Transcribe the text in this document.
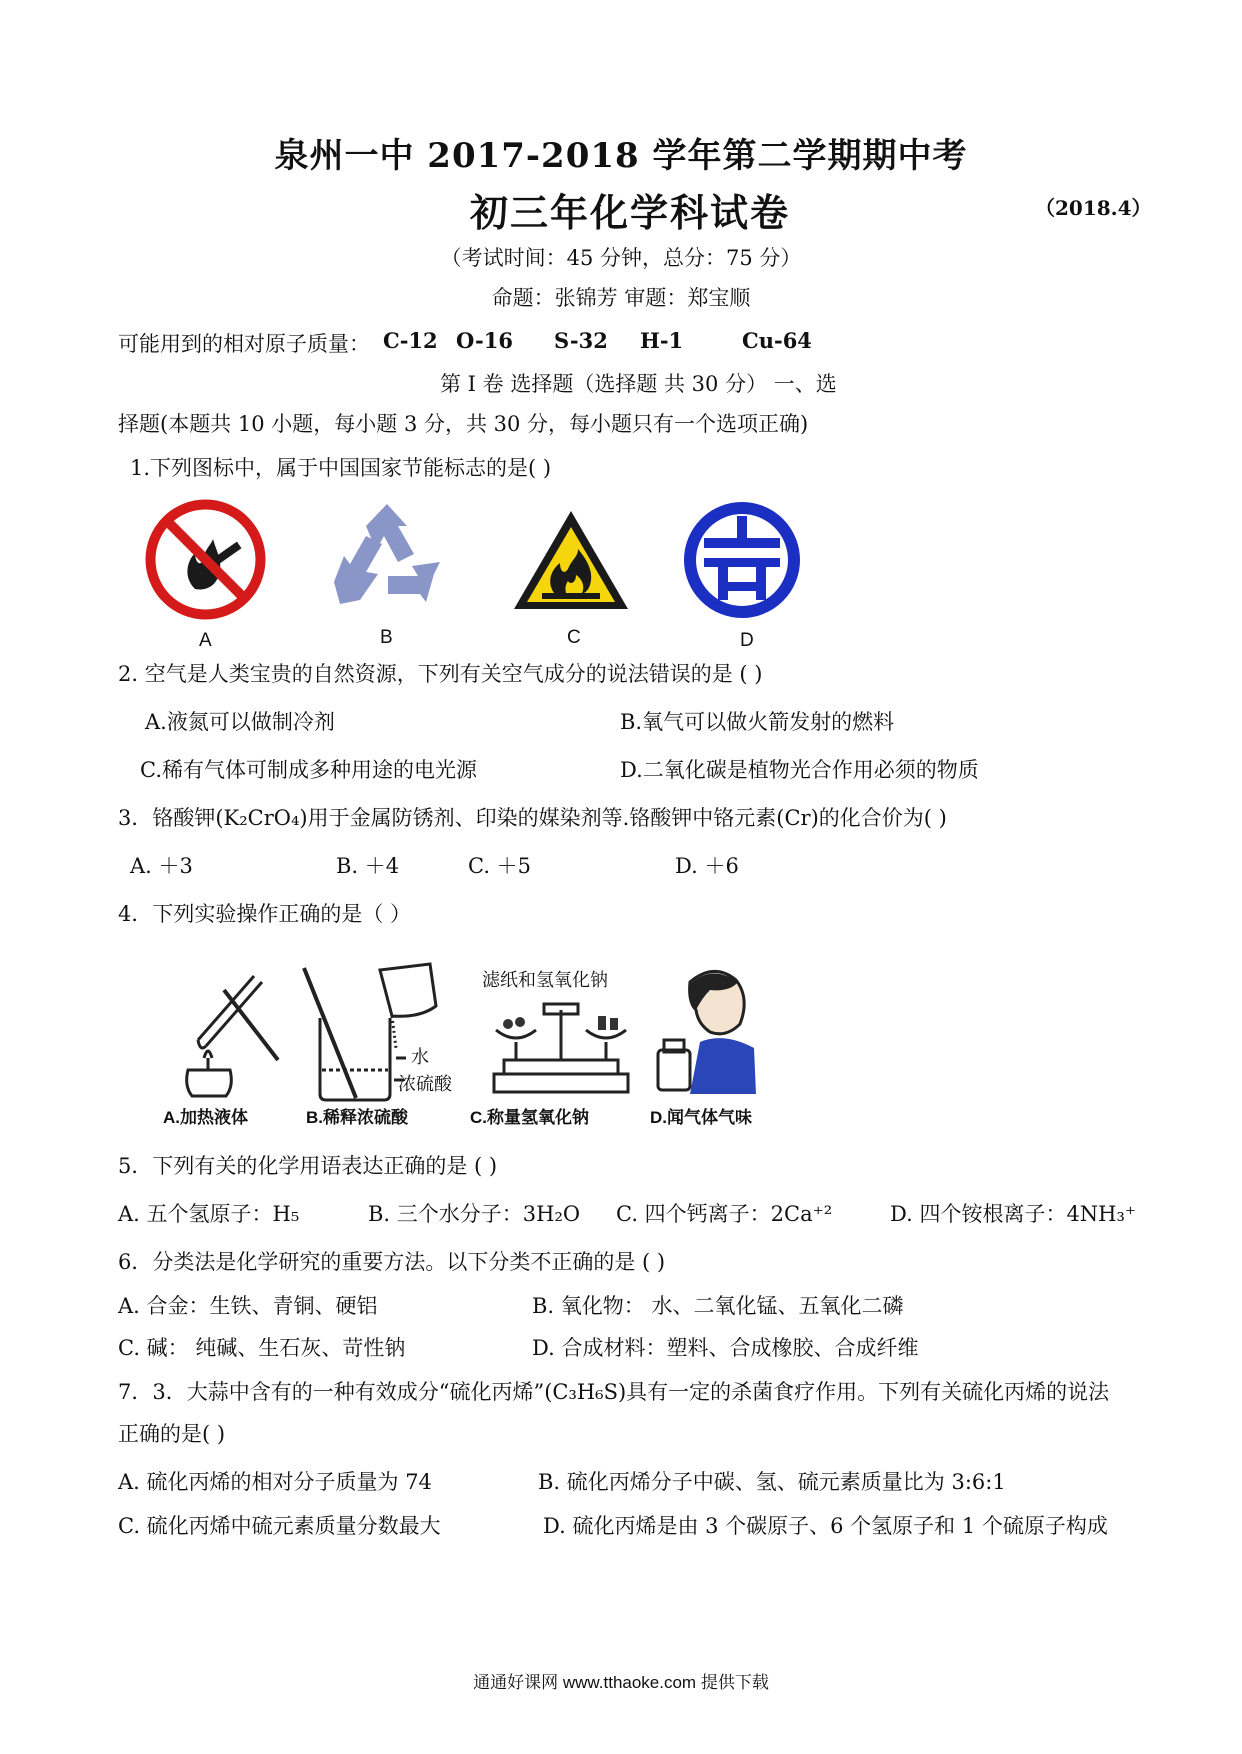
泉州一中 2017-2018 学年第二学期期中考
初三年化学科试卷	（2018.4）
（考试时间：45 分钟，总分：75 分）
命题：张锦芳 审题：郑宝顺
可能用到的相对原子质量： C-12 O-16 S-32 H-1	Cu-64
第 I 卷 选择题（选择题 共 30 分） 一、选
择题(本题共 10 小题，每小题 3 分，共 30 分，每小题只有一个选项正确)
1.下列图标中，属于中国国家节能标志的是( )
A	B	C	D
2. 空气是人类宝贵的自然资源，下列有关空气成分的说法错误的是 ( )
A.液氮可以做制冷剂	B.氧气可以做火箭发射的燃料
C.稀有气体可制成多种用途的电光源	D.二氧化碳是植物光合作用必须的物质
3．铬酸钾(K₂CrO₄)用于金属防锈剂、印染的媒染剂等.铬酸钾中铬元素(Cr)的化合价为( )
A. ＋3	B. ＋4	C. ＋5	D. ＋6
4．下列实验操作正确的是（ ）
水
浓硫酸
滤纸和氢氧化钠
A.加热液体	B.稀释浓硫酸	C.称量氢氧化钠	D.闻气体气味
5．下列有关的化学用语表达正确的是 ( )
A. 五个氢原子：H₅	B. 三个水分子：3H₂O C. 四个钙离子：2Ca⁺²	D. 四个铵根离子：4NH₃⁺
6．分类法是化学研究的重要方法。以下分类不正确的是 ( )
A. 合金：生铁、青铜、硬铝	B. 氧化物： 水、二氧化锰、五氧化二磷
C. 碱： 纯碱、生石灰、苛性钠	D. 合成材料：塑料、合成橡胶、合成纤维
7．3．大蒜中含有的一种有效成分“硫化丙烯”(C₃H₆S)具有一定的杀菌食疗作用。下列有关硫化丙烯的说法
正确的是( )
A. 硫化丙烯的相对分子质量为 74	B. 硫化丙烯分子中碳、氢、硫元素质量比为 3:6:1
C. 硫化丙烯中硫元素质量分数最大	D. 硫化丙烯是由 3 个碳原子、6 个氢原子和 1 个硫原子构成
通通好课网 www.tthaoke.com 提供下载
